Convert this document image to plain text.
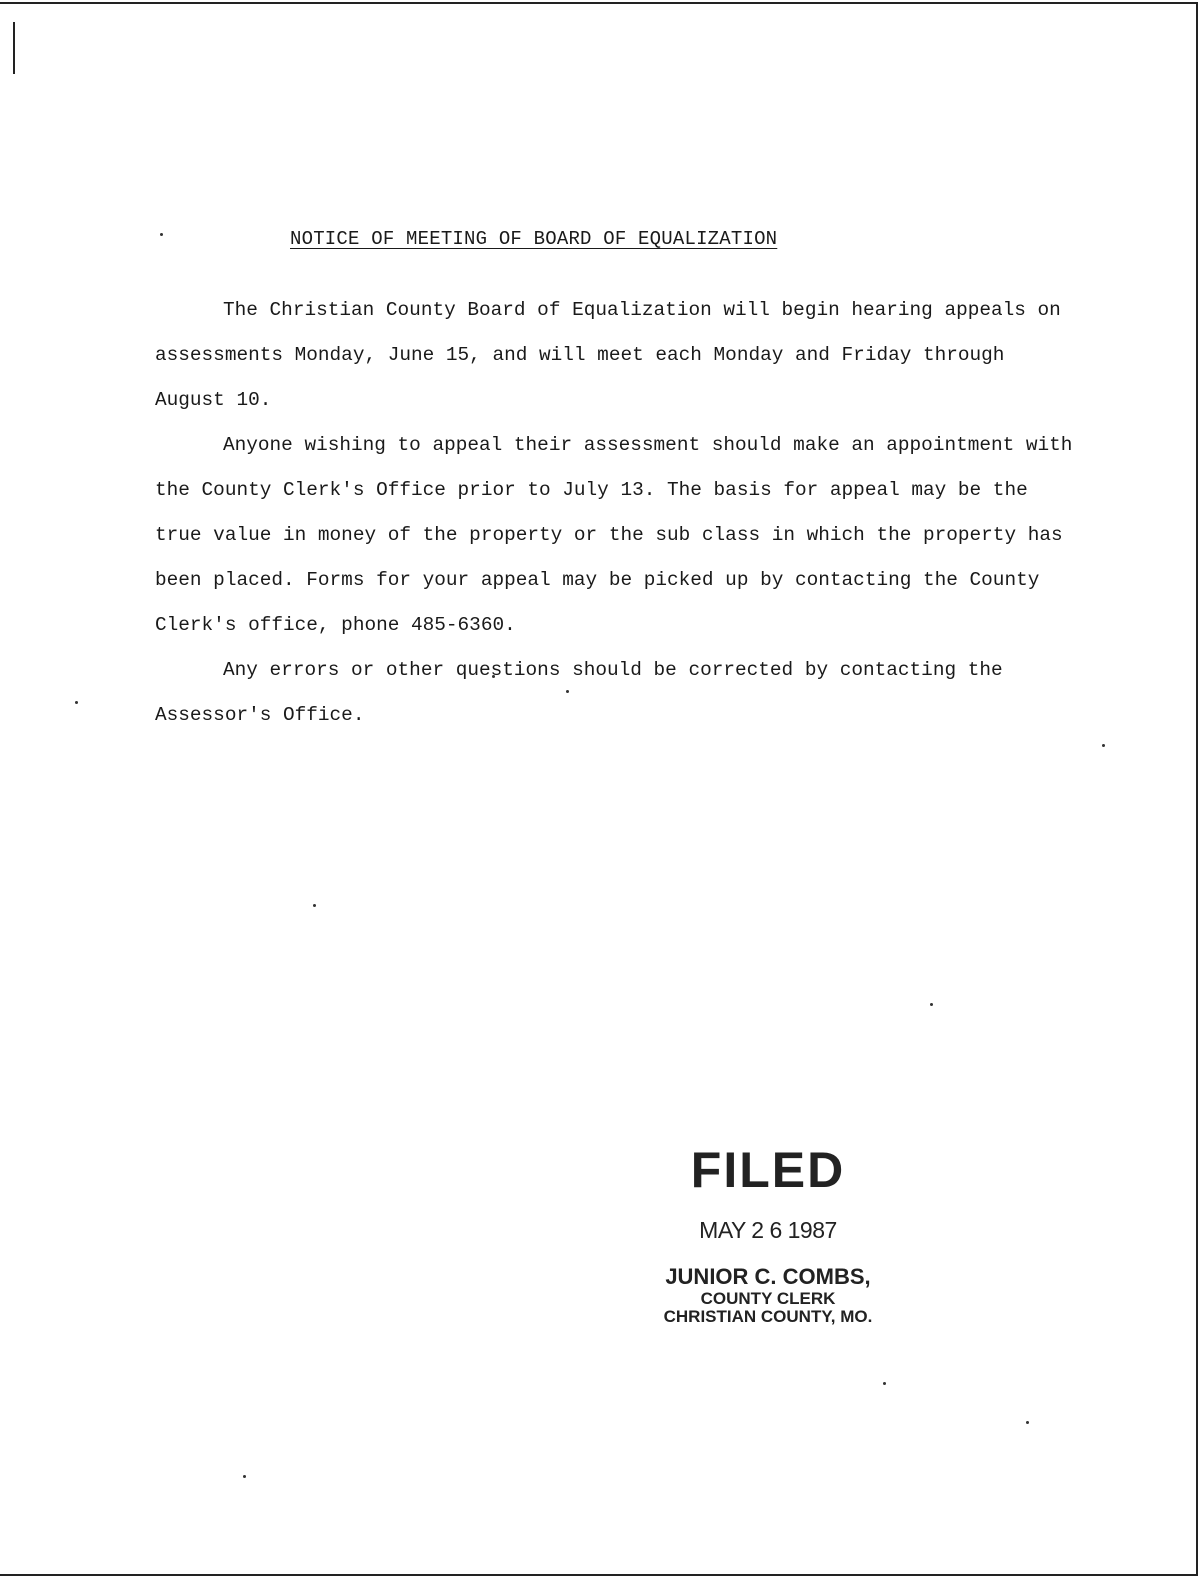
NOTICE OF MEETING OF BOARD OF EQUALIZATION

The Christian County Board of Equalization will begin hearing appeals on assessments Monday, June 15, and will meet each Monday and Friday through August 10.

Anyone wishing to appeal their assessment should make an appointment with the County Clerk's Office prior to July 13. The basis for appeal may be the true value in money of the property or the sub class in which the property has been placed. Forms for your appeal may be picked up by contacting the County Clerk's office, phone 485-6360.

Any errors or other questions should be corrected by contacting the Assessor's Office.

FILED
MAY 2 6 1987
JUNIOR C. COMBS,
COUNTY CLERK
CHRISTIAN COUNTY, MO.
